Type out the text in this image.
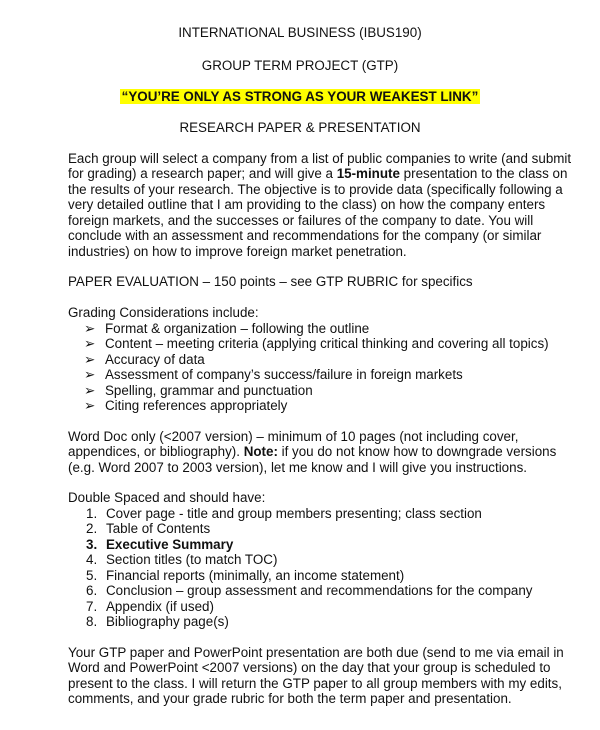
INTERNATIONAL BUSINESS (IBUS190)
GROUP TERM PROJECT (GTP)
“YOU’RE ONLY AS STRONG AS YOUR WEAKEST LINK”
RESEARCH PAPER & PRESENTATION
Each group will select a company from a list of public companies to write (and submit
for grading) a research paper; and will give a 15-minute presentation to the class on
the results of your research. The objective is to provide data (specifically following a
very detailed outline that I am providing to the class) on how the company enters
foreign markets, and the successes or failures of the company to date. You will
conclude with an assessment and recommendations for the company (or similar
industries) on how to improve foreign market penetration.
PAPER EVALUATION – 150 points – see GTP RUBRIC for specifics
Grading Considerations include:
➢ Format & organization – following the outline
➢ Content – meeting criteria (applying critical thinking and covering all topics)
➢ Accuracy of data
➢ Assessment of company’s success/failure in foreign markets
➢ Spelling, grammar and punctuation
➢ Citing references appropriately
Word Doc only (<2007 version) – minimum of 10 pages (not including cover,
appendices, or bibliography). Note: if you do not know how to downgrade versions
(e.g. Word 2007 to 2003 version), let me know and I will give you instructions.
Double Spaced and should have:
1. Cover page - title and group members presenting; class section
2. Table of Contents
3. Executive Summary
4. Section titles (to match TOC)
5. Financial reports (minimally, an income statement)
6. Conclusion – group assessment and recommendations for the company
7. Appendix (if used)
8. Bibliography page(s)
Your GTP paper and PowerPoint presentation are both due (send to me via email in
Word and PowerPoint <2007 versions) on the day that your group is scheduled to
present to the class. I will return the GTP paper to all group members with my edits,
comments, and your grade rubric for both the term paper and presentation.
